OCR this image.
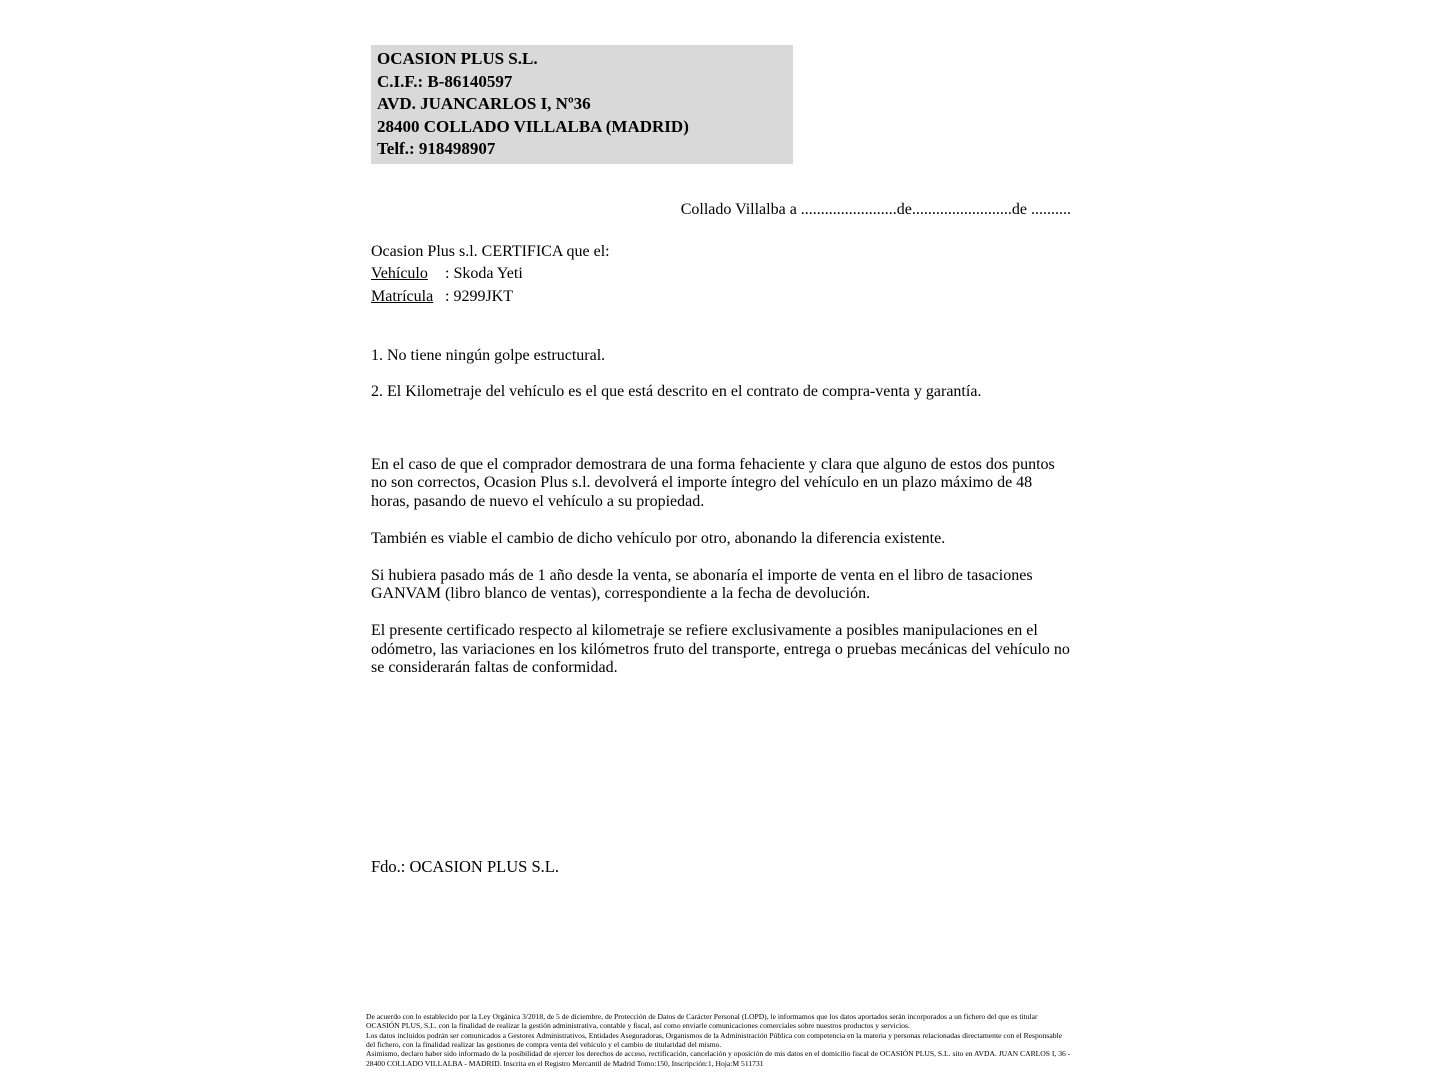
OCASION PLUS S.L.
C.I.F.: B-86140597
AVD. JUANCARLOS I, Nº36
28400 COLLADO VILLALBA (MADRID)
Telf.: 918498907
Collado Villalba a ........................de.........................de ..........
Ocasion Plus s.l. CERTIFICA que el:
Vehículo : Skoda Yeti
Matrícula : 9299JKT
1. No tiene ningún golpe estructural.
2. El Kilometraje del vehículo es el que está descrito en el contrato de compra-venta y garantía.
En el caso de que el comprador demostrara de una forma fehaciente y clara que alguno de estos dos puntos no son correctos, Ocasion Plus s.l. devolverá el importe íntegro del vehículo en un plazo máximo de 48 horas, pasando de nuevo el vehículo a su propiedad.
También es viable el cambio de dicho vehículo por otro, abonando la diferencia existente.
Si hubiera pasado más de 1 año desde la venta, se abonaría el importe de venta en el libro de tasaciones GANVAM (libro blanco de ventas), correspondiente a la fecha de devolución.
El presente certificado respecto al kilometraje se refiere exclusivamente a posibles manipulaciones en el odómetro, las variaciones en los kilómetros fruto del transporte, entrega o pruebas mecánicas del vehículo no se considerarán faltas de conformidad.
Fdo.: OCASION PLUS S.L.
De acuerdo con lo establecido por la Ley Orgánica 3/2018, de 5 de diciembre, de Protección de Datos de Carácter Personal (LOPD), le informamos que los datos aportados serán incorporados a un fichero del que es titular OCASIÓN PLUS, S.L. con la finalidad de realizar la gestión administrativa, contable y fiscal, así como enviarle comunicaciones comerciales sobre nuestros productos y servicios.
Los datos incluidos podrán ser comunicados a Gestores Administrativos, Entidades Aseguradoras, Organismos de la Administración Pública con competencia en la materia y personas relacionadas directamente con el Responsable del fichero, con la finalidad realizar las gestiones de compra venta del vehículo y el cambio de titularidad del mismo.
Asimismo, declaro haber sido informado de la posibilidad de ejercer los derechos de acceso, rectificación, cancelación y oposición de mis datos en el domicilio fiscal de OCASIÓN PLUS, S.L. sito en AVDA. JUAN CARLOS I, 36 - 28400 COLLADO VILLALBA - MADRID. Inscrita en el Registro Mercantil de Madrid Tomo:150, Inscripción:1, Hoja:M 511731
